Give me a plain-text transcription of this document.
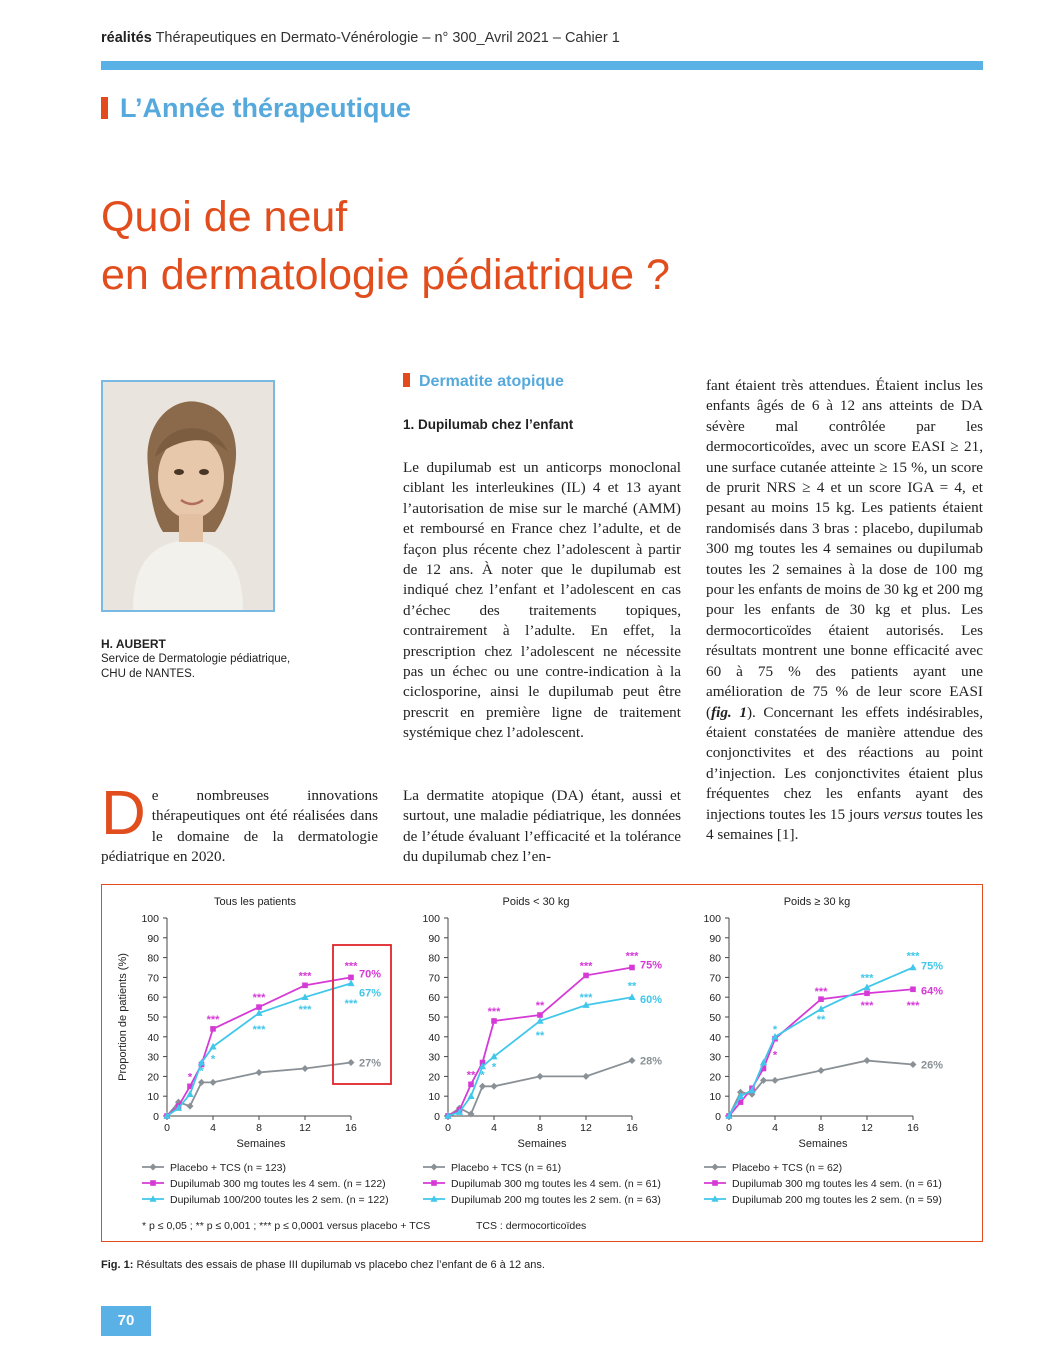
réalités Thérapeutiques en Dermato-Vénérologie – n° 300_Avril 2021 – Cahier 1
L’Année thérapeutique
Quoi de neuf
en dermatologie pédiatrique ?
H. AUBERT
Service de Dermatologie pédiatrique,
CHU de NANTES.
De nombreuses innovations thérapeutiques ont été réalisées dans le domaine de la dermatologie pédiatrique en 2020.
Dermatite atopique
1. Dupilumab chez l’enfant

Le dupilumab est un anticorps monoclonal ciblant les interleukines (IL) 4 et 13 ayant l’autorisation de mise sur le marché (AMM) et remboursé en France chez l’adulte, et de façon plus récente chez l’adolescent à partir de 12 ans. À noter que le dupilumab est indiqué chez l’enfant et l’adolescent en cas d’échec des traitements topiques, contrairement à l’adulte. En effet, la prescription chez l’adolescent ne nécessite pas un échec ou une contre-indication à la ciclosporine, ainsi le dupilumab peut être prescrit en première ligne de traitement systémique chez l’adolescent.

La dermatite atopique (DA) étant, aussi et surtout, une maladie pédiatrique, les données de l’étude évaluant l’efficacité et la tolérance du dupilumab chez l’en-

fant étaient très attendues. Étaient inclus les enfants âgés de 6 à 12 ans atteints de DA sévère mal contrôlée par les dermocorticoïdes, avec un score EASI ≥ 21, une surface cutanée atteinte ≥ 15 %, un score de prurit NRS ≥ 4 et un score IGA = 4, et pesant au moins 15 kg. Les patients étaient randomisés dans 3 bras : placebo, dupilumab 300 mg toutes les 4 semaines ou dupilumab toutes les 2 semaines à la dose de 100 mg pour les enfants de moins de 30 kg et 200 mg pour les enfants de 30 kg et plus. Les dermocorticoïdes étaient autorisés. Les résultats montrent une bonne efficacité avec 60 à 75 % des patients ayant une amélioration de 75 % de leur score EASI (fig. 1). Concernant les effets indésirables, étaient constatées de manière attendue des conjonctivites et des réactions au point d’injection. Les conjonctivites étaient plus fréquentes chez les enfants ayant des injections toutes les 15 jours versus toutes les 4 semaines [1].

Tous les patients
0
10
20
30
40
50
60
70
80
90
100
0	4	8	12	16
Semaines
Proportion de patients (%)	27%
70%
67%
*
***
***
***
***
*
*
***
***	***
Placebo + TCS (n = 123)
Dupilumab 300 mg toutes les 4 sem. (n = 122)
Dupilumab 100/200 toutes les 2 sem. (n = 122)
Poids < 30 kg
0
10
20
30
40
50
60
70
80
90
100
0	4	8	12	16
Semaines
28%
75%
60%
**
***	**
***
***
*
*
**
***
**
Placebo + TCS (n = 61)
Dupilumab 300 mg toutes les 4 sem. (n = 61)
Dupilumab 200 mg toutes les 2 sem. (n = 63)
Poids ≥ 30 kg
0
10
20
30
40
50
60
70
80
90
100
0	4	8	12	16
Semaines
26%
64%
75%
*
***
***	***
*
**
***
***
Placebo + TCS (n = 62)
Dupilumab 300 mg toutes les 4 sem. (n = 61)
Dupilumab 200 mg toutes les 2 sem. (n = 59)
* p ≤ 0,05 ; ** p ≤ 0,001 ; *** p ≤ 0,0001 versus placebo + TCS	TCS : dermocorticoïdes
Fig. 1: Résultats des essais de phase III dupilumab vs placebo chez l’enfant de 6 à 12 ans.
70
